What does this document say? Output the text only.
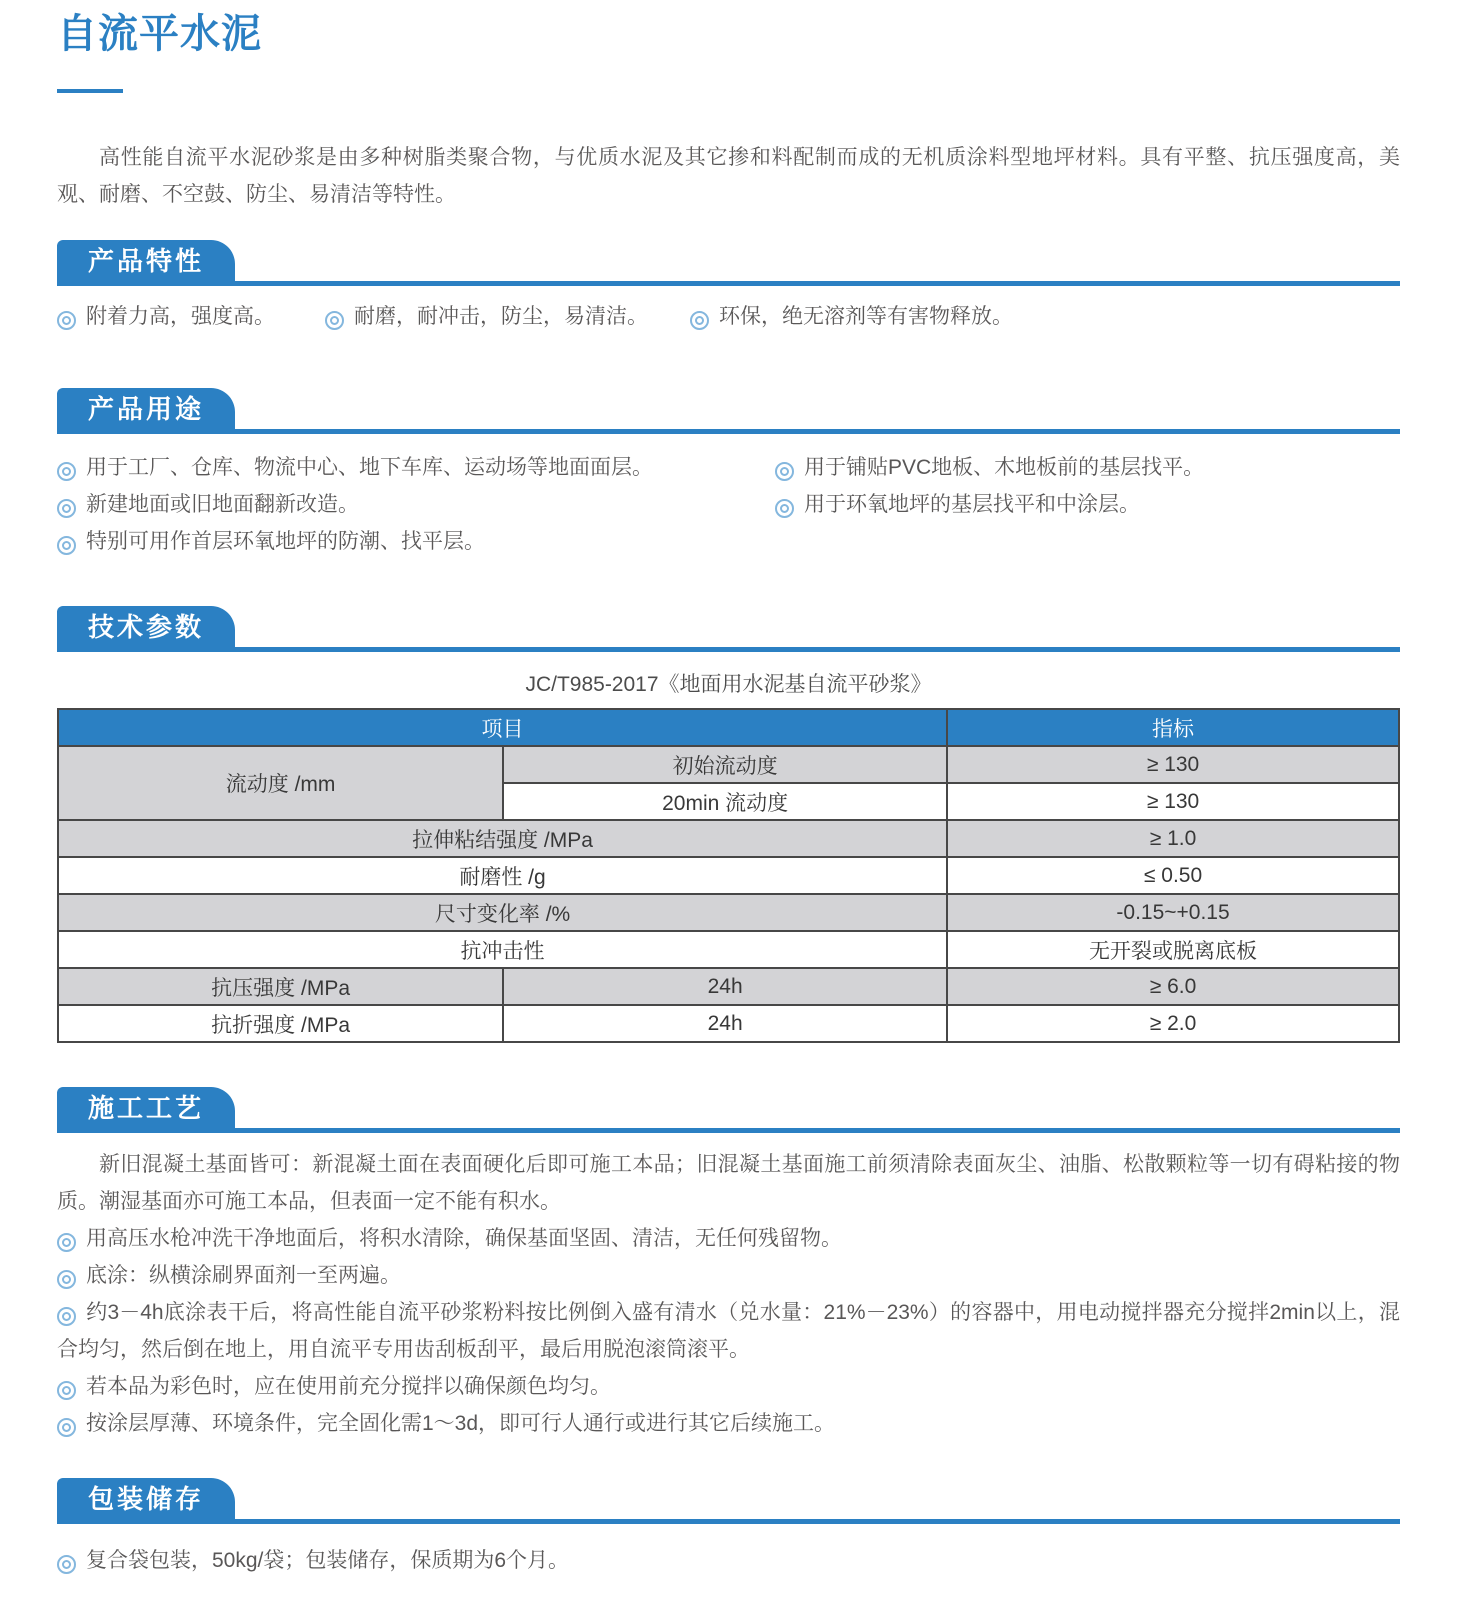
自流平水泥

高性能自流平水泥砂浆是由多种树脂类聚合物，与优质水泥及其它掺和料配制而成的无机质涂料型地坪材料。具有平整、抗压强度高，美观、耐磨、不空鼓、防尘、易清洁等特性。

产品特性

附着力高，强度高。	耐磨，耐冲击，防尘，易清洁。	环保，绝无溶剂等有害物释放。

产品用途

用于工厂、仓库、物流中心、地下车库、运动场等地面面层。

新建地面或旧地面翻新改造。

特别可用作首层环氧地坪的防潮、找平层。

用于铺贴PVC地板、木地板前的基层找平。

用于环氧地坪的基层找平和中涂层。

技术参数
JC/T985-2017《地面用水泥基自流平砂浆》
项目		指标
流动度 /mm	初始流动度	≥ 130
	20min 流动度	≥ 130
拉伸粘结强度 /MPa		≥ 1.0
耐磨性 /g		≤ 0.50
尺寸变化率 /%		-0.15~+0.15
抗冲击性		无开裂或脱离底板
抗压强度 /MPa	24h	≥ 6.0
抗折强度 /MPa	24h	≥ 2.0
施工工艺

新旧混凝土基面皆可：新混凝土面在表面硬化后即可施工本品；旧混凝土基面施工前须清除表面灰尘、油脂、松散颗粒等一切有碍粘接的物质。潮湿基面亦可施工本品，但表面一定不能有积水。

用高压水枪冲洗干净地面后，将积水清除，确保基面坚固、清洁，无任何残留物。

底涂：纵横涂刷界面剂一至两遍。

约3－4h底涂表干后，将高性能自流平砂浆粉料按比例倒入盛有清水（兑水量：21%－23%）的容器中，用电动搅拌器充分搅拌2min以上，混合均匀，然后倒在地上，用自流平专用齿刮板刮平，最后用脱泡滚筒滚平。

若本品为彩色时，应在使用前充分搅拌以确保颜色均匀。

按涂层厚薄、环境条件，完全固化需1～3d，即可行人通行或进行其它后续施工。

包装储存

复合袋包装，50kg/袋；包装储存，保质期为6个月。
